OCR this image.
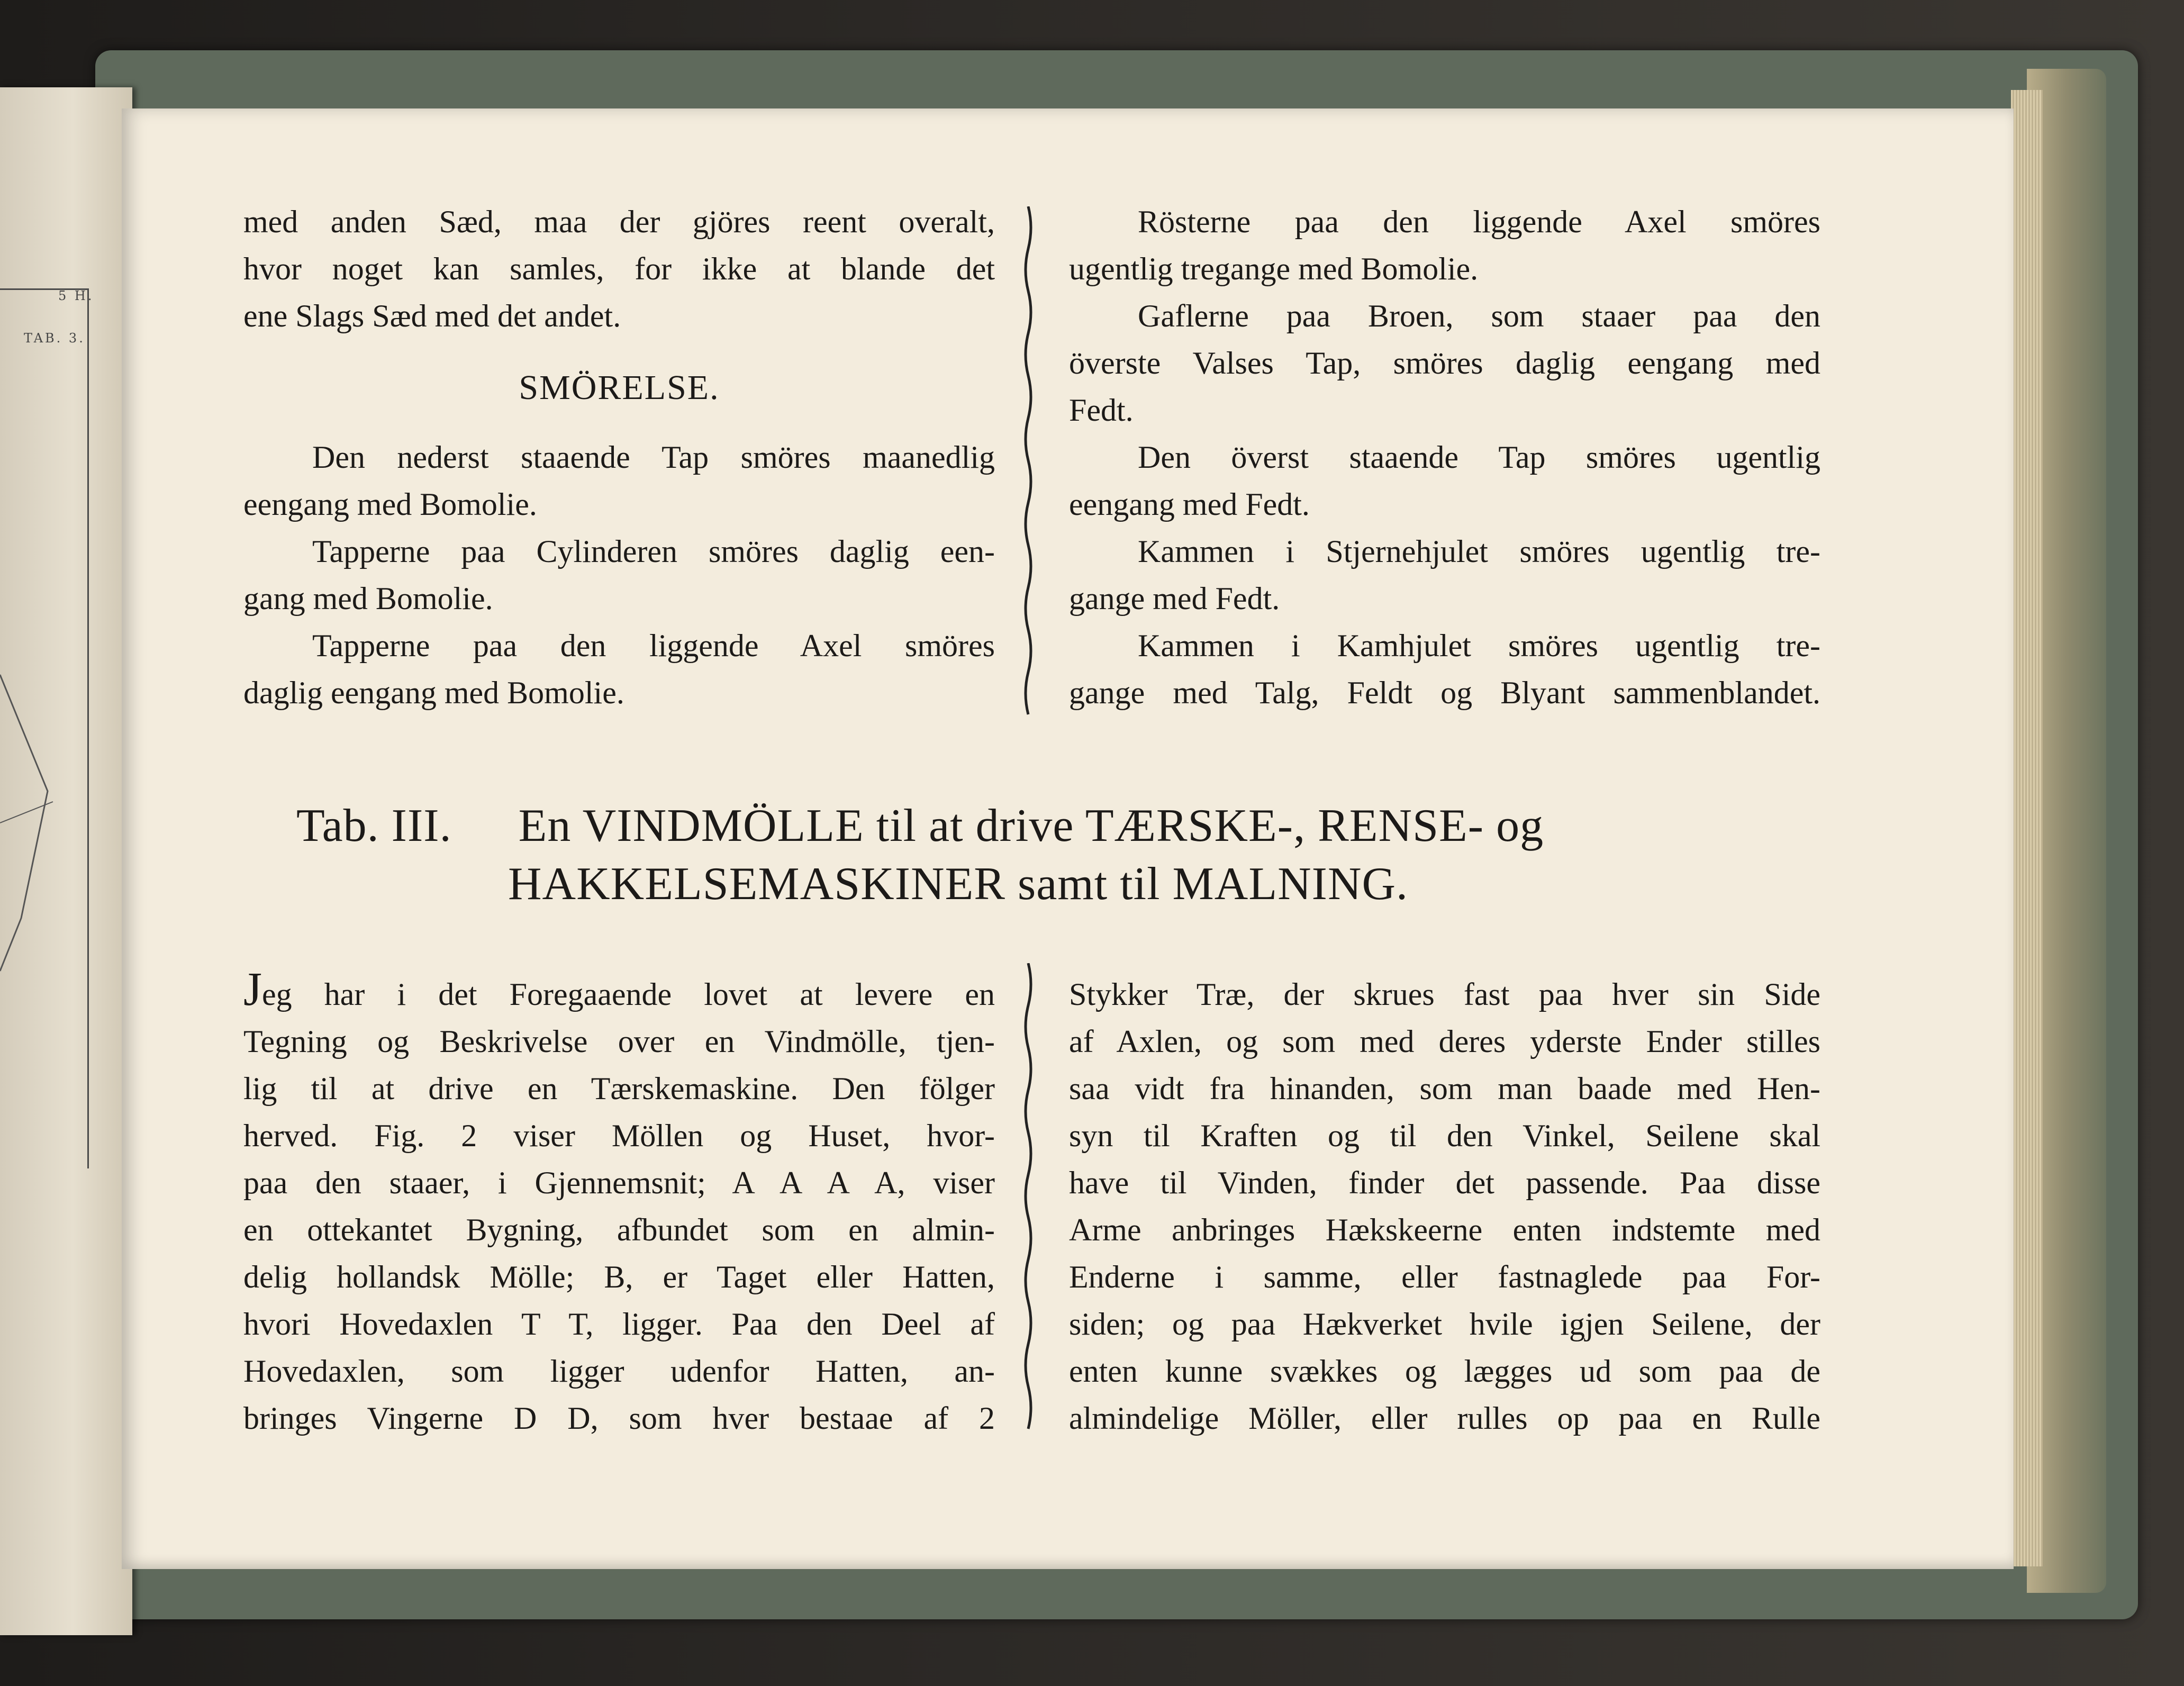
5 H.
TAB. 3.
med anden Sæd, maa der gjöres reent overalt,
hvor noget kan samles, for ikke at blande det
ene Slags Sæd med det andet.
SMÖRELSE.
Den nederst staaende Tap smöres maanedlig
eengang med Bomolie.
Tapperne paa Cylinderen smöres daglig een-
gang med Bomolie.
Tapperne paa den liggende Axel smöres
daglig eengang med Bomolie.
Rösterne paa den liggende Axel smöres
ugentlig tregange med Bomolie.
Gaflerne paa Broen, som staaer paa den
överste Valses Tap, smöres daglig eengang med
Fedt.
Den överst staaende Tap smöres ugentlig
eengang med Fedt.
Kammen i Stjernehjulet smöres ugentlig tre-
gange med Fedt.
Kammen i Kamhjulet smöres ugentlig tre-
gange med Talg, Feldt og Blyant sammenblandet.
Tab. III. En VINDMÖLLE til at drive TÆRSKE-, RENSE- og
HAKKELSEMASKINER samt til MALNING.
Jeg har i det Foregaaende lovet at levere en
Tegning og Beskrivelse over en Vindmölle, tjen-
lig til at drive en Tærskemaskine. Den fölger
herved. Fig. 2 viser Möllen og Huset, hvor-
paa den staaer, i Gjennemsnit; A A A A, viser
en ottekantet Bygning, afbundet som en almin-
delig hollandsk Mölle; B, er Taget eller Hatten,
hvori Hovedaxlen T T, ligger. Paa den Deel af
Hovedaxlen, som ligger udenfor Hatten, an-
bringes Vingerne D D, som hver bestaae af 2
Stykker Træ, der skrues fast paa hver sin Side
af Axlen, og som med deres yderste Ender stilles
saa vidt fra hinanden, som man baade med Hen-
syn til Kraften og til den Vinkel, Seilene skal
have til Vinden, finder det passende. Paa disse
Arme anbringes Hækskeerne enten indstemte med
Enderne i samme, eller fastnaglede paa For-
siden; og paa Hækverket hvile igjen Seilene, der
enten kunne svækkes og lægges ud som paa de
almindelige Möller, eller rulles op paa en Rulle
